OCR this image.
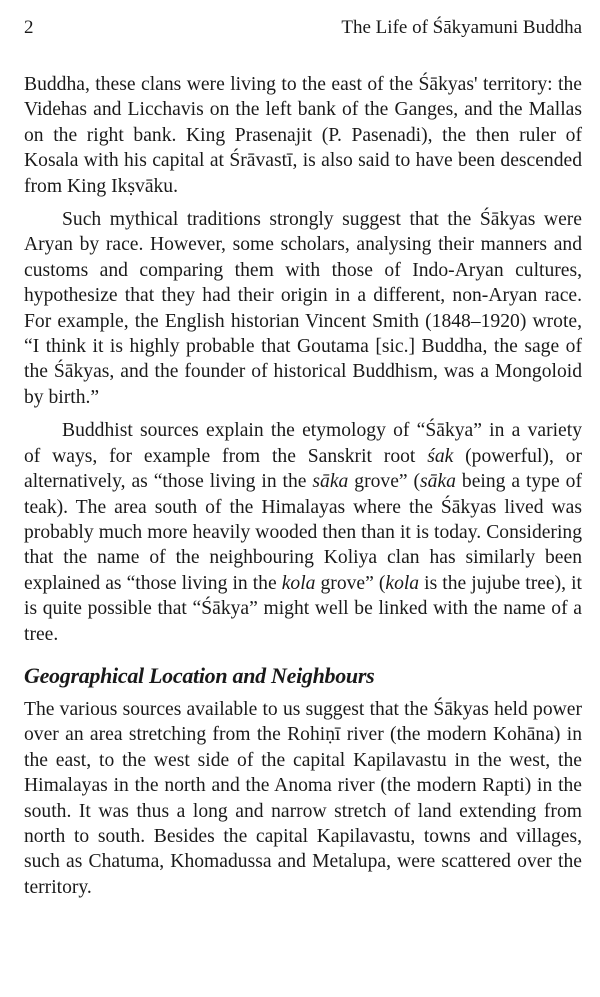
2	The Life of Śākyamuni Buddha

Buddha, these clans were living to the east of the Śākyas' territory: the Videhas and Licchavis on the left bank of the Ganges, and the Mallas on the right bank. King Prasenajit (P. Pasenadi), the then ruler of Kosala with his capital at Śrāvastī, is also said to have been descended from King Ikṣvāku.

Such mythical traditions strongly suggest that the Śākyas were Aryan by race. However, some scholars, analysing their manners and customs and comparing them with those of Indo-Aryan cultures, hypothesize that they had their origin in a different, non-Aryan race. For example, the English historian Vincent Smith (1848–1920) wrote, “I think it is highly probable that Goutama [sic.] Buddha, the sage of the Śākyas, and the founder of historical Buddhism, was a Mongoloid by birth.”

Buddhist sources explain the etymology of “Śākya” in a variety of ways, for example from the Sanskrit root śak (powerful), or alternatively, as “those living in the sāka grove” (sāka being a type of teak). The area south of the Himalayas where the Śākyas lived was probably much more heavily wooded then than it is today. Considering that the name of the neighbouring Koliya clan has similarly been explained as “those living in the kola grove” (kola is the jujube tree), it is quite possible that “Śākya” might well be linked with the name of a tree.

Geographical Location and Neighbours

The various sources available to us suggest that the Śākyas held power over an area stretching from the Rohiṇī river (the modern Kohāna) in the east, to the west side of the capital Kapilavastu in the west, the Himalayas in the north and the Anoma river (the modern Rapti) in the south. It was thus a long and narrow stretch of land extending from north to south. Besides the capital Kapilavastu, towns and villages, such as Chatuma, Khomadussa and Metalupa, were scattered over the territory.
